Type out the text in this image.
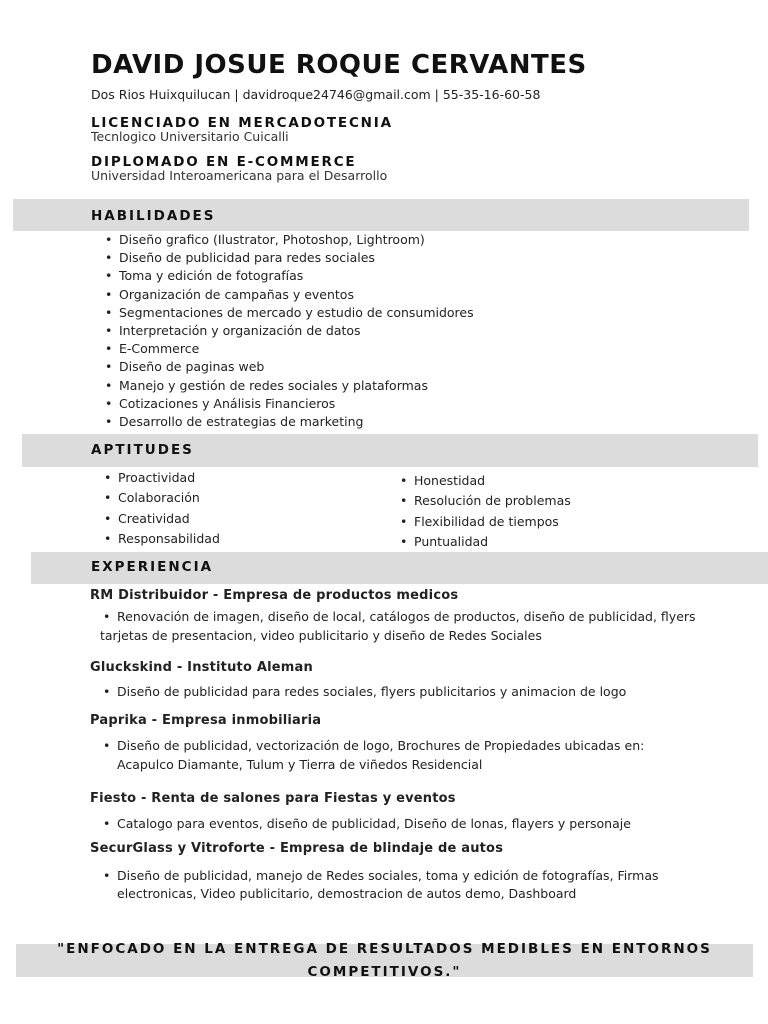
DAVID JOSUE ROQUE CERVANTES
Dos Rios Huixquilucan | davidroque24746@gmail.com | 55-35-16-60-58
LICENCIADO EN MERCADOTECNIA
Tecnlogico Universitario Cuicalli
DIPLOMADO EN E-COMMERCE
Universidad Interoamericana para el Desarrollo
HABILIDADES
• Diseño grafico (Ilustrator, Photoshop, Lightroom)
• Diseño de publicidad para redes sociales
• Toma y edición de fotografías
• Organización de campañas y eventos
• Segmentaciones de mercado y estudio de consumidores
• Interpretación y organización de datos
• E-Commerce
• Diseño de paginas web
• Manejo y gestión de redes sociales y plataformas
• Cotizaciones y Análisis Financieros
• Desarrollo de estrategias de marketing
APTITUDES
• Proactividad
• Colaboración
• Creatividad
• Responsabilidad
• Honestidad
• Resolución de problemas
• Flexibilidad de tiempos
• Puntualidad
EXPERIENCIA
RM Distribuidor - Empresa de productos medicos
• Renovación de imagen, diseño de local, catálogos de productos, diseño de publicidad, flyers
tarjetas de presentacion, video publicitario y diseño de Redes Sociales
Gluckskind - Instituto Aleman
• Diseño de publicidad para redes sociales, flyers publicitarios y animacion de logo
Paprika - Empresa inmobiliaria
• Diseño de publicidad, vectorización de logo, Brochures de Propiedades ubicadas en:
Acapulco Diamante, Tulum y Tierra de viñedos Residencial
Fiesto - Renta de salones para Fiestas y eventos
• Catalogo para eventos, diseño de publicidad, Diseño de lonas, flayers y personaje
SecurGlass y Vitroforte - Empresa de blindaje de autos
• Diseño de publicidad, manejo de Redes sociales, toma y edición de fotografías, Firmas
electronicas, Video publicitario, demostracion de autos demo, Dashboard
"ENFOCADO EN LA ENTREGA DE RESULTADOS MEDIBLES EN ENTORNOS
COMPETITIVOS."
